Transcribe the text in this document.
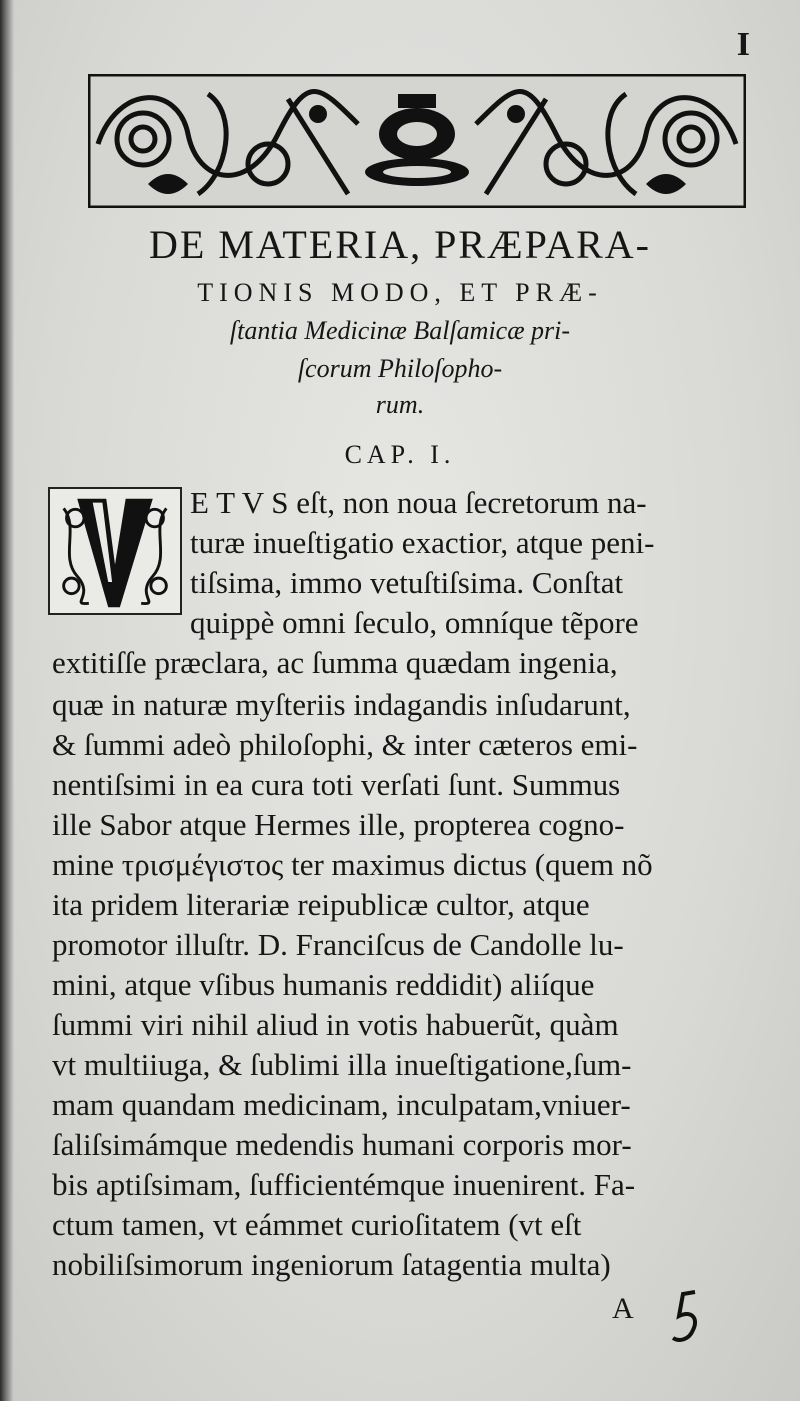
I
DE MATERIA, PRÆPARA-
TIONIS MODO, ET PRÆ-
ſtantia Medicinæ Balſamicæ pri-
ſcorum Philoſopho-
rum.
CAP. I.
E T V S eſt, non noua ſecretorum na-
turæ inueſtigatio exactior, atque peni-
tiſsima, immo vetuſtiſsima. Conſtat
quippè omni ſeculo, omníque tẽpore
extitiſſe præclara, ac ſumma quædam ingenia,
quæ in naturæ myſteriis indagandis inſudarunt,
& ſummi adeò philoſophi, & inter cæteros emi-
nentiſsimi in ea cura toti verſati ſunt. Summus
ille Sabor atque Hermes ille, propterea cogno-
mine τρισμέγιστος ter maximus dictus (quem nõ
ita pridem literariæ reipublicæ cultor, atque
promotor illuſtr. D. Franciſcus de Candolle lu-
mini, atque vſibus humanis reddidit) aliíque
ſummi viri nihil aliud in votis habuerũt, quàm
vt multiiuga, & ſublimi illa inueſtigatione,ſum-
mam quandam medicinam, inculpatam,vniuer-
ſaliſsimámque medendis humani corporis mor-
bis aptiſsimam, ſufficientémque inuenirent. Fa-
ctum tamen, vt eámmet curioſitatem (vt eſt
nobiliſsimorum ingeniorum ſatagentia multa)
A
